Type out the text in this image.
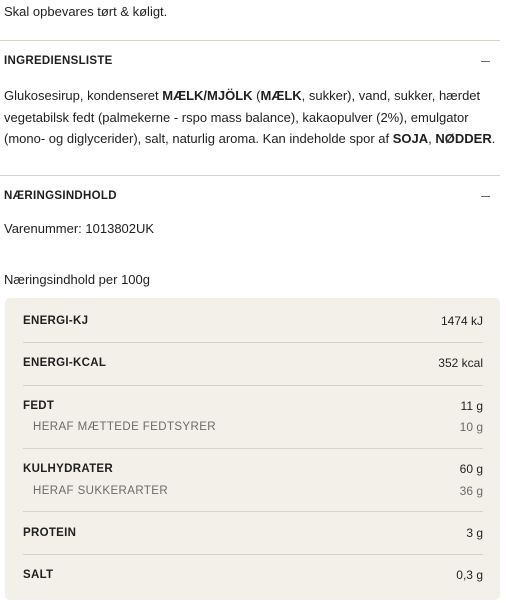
Skal opbevares tørt & køligt.
INGREDIENSLISTE
Glukosesirup, kondenseret MÆLK/MJÖLK (MÆLK, sukker), vand, sukker, hærdet vegetabilsk fedt (palmekerne - rspo mass balance), kakaopulver (2%), emulgator (mono- og diglycerider), salt, naturlig aroma. Kan indeholde spor af SOJA, NØDDER.
NÆRINGSINDHOLD
Varenummer: 1013802UK
Næringsindhold per 100g
ENERGI-KJ	1474 kJ
ENERGI-KCAL	352 kcal
FEDT	11 g
HERAF MÆTTEDE FEDTSYRER	10 g
KULHYDRATER	60 g
HERAF SUKKERARTER	36 g
PROTEIN	3 g
SALT	0,3 g
